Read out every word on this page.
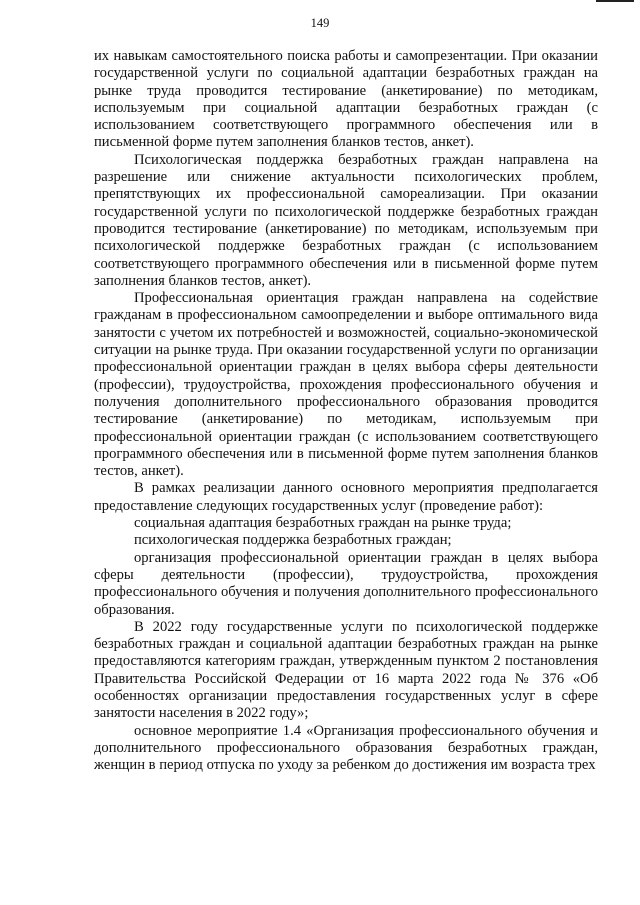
149

их навыкам самостоятельного поиска работы и самопрезентации. При оказании государственной услуги по социальной адаптации безработных граждан на рынке труда проводится тестирование (анкетирование) по методикам, используемым при социальной адаптации безработных граждан (с использованием соответствующего программного обеспечения или в письменной форме путем заполнения бланков тестов, анкет).

Психологическая поддержка безработных граждан направлена на разрешение или снижение актуальности психологических проблем, препятствующих их профессиональной самореализации. При оказании государственной услуги по психологической поддержке безработных граждан проводится тестирование (анкетирование) по методикам, используемым при психологической поддержке безработных граждан (с использованием соответствующего программного обеспечения или в письменной форме путем заполнения бланков тестов, анкет).

Профессиональная ориентация граждан направлена на содействие гражданам в профессиональном самоопределении и выборе оптимального вида занятости с учетом их потребностей и возможностей, социально-экономической ситуации на рынке труда. При оказании государственной услуги по организации профессиональной ориентации граждан в целях выбора сферы деятельности (профессии), трудоустройства, прохождения профессионального обучения и получения дополнительного профессионального образования проводится тестирование (анкетирование) по методикам, используемым при профессиональной ориентации граждан (с использованием соответствующего программного обеспечения или в письменной форме путем заполнения бланков тестов, анкет).

В рамках реализации данного основного мероприятия предполагается предоставление следующих государственных услуг (проведение работ):

социальная адаптация безработных граждан на рынке труда;

психологическая поддержка безработных граждан;

организация профессиональной ориентации граждан в целях выбора сферы деятельности (профессии), трудоустройства, прохождения профессионального обучения и получения дополнительного профессионального образования.

В 2022 году государственные услуги по психологической поддержке безработных граждан и социальной адаптации безработных граждан на рынке предоставляются категориям граждан, утвержденным пунктом 2 постановления Правительства Российской Федерации от 16 марта 2022 года № 376 «Об особенностях организации предоставления государственных услуг в сфере занятости населения в 2022 году»;

основное мероприятие 1.4 «Организация профессионального обучения и дополнительного профессионального образования безработных граждан, женщин в период отпуска по уходу за ребенком до достижения им возраста трех
